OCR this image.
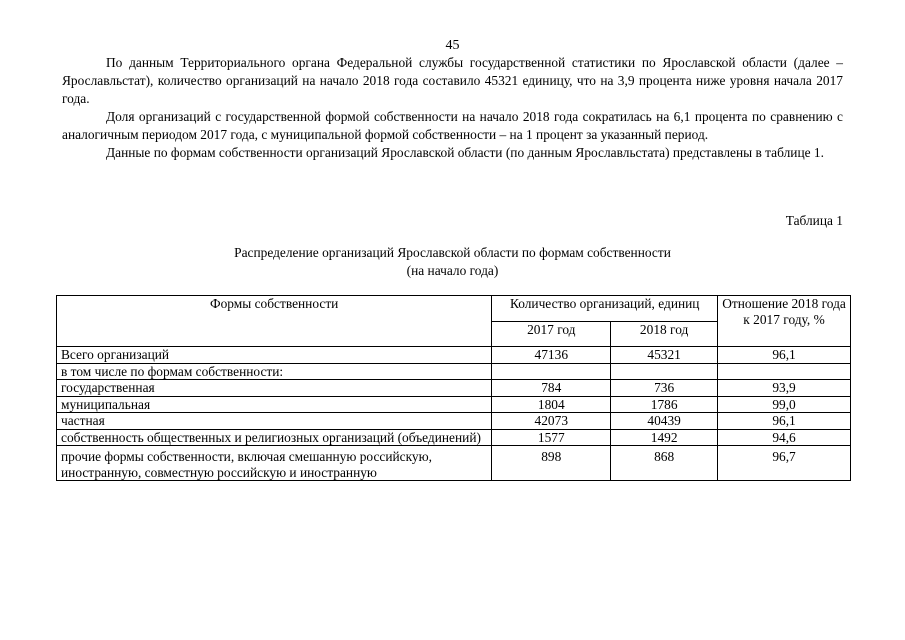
45

По данным Территориального органа Федеральной службы государственной статистики по Ярославской области (далее – Ярославльстат), количество организаций на начало 2018 года составило 45321 единицу, что на 3,9 процента ниже уровня начала 2017 года.

Доля организаций с государственной формой собственности на начало 2018 года сократилась на 6,1 процента по сравнению с аналогичным периодом 2017 года, с муниципальной формой собственности – на 1 процент за указанный период.

Данные по формам собственности организаций Ярославской области (по данным Ярославльстата) представлены в таблице 1.

Таблица 1
Распределение организаций Ярославской области по формам собственности
(на начало года)
Формы собственности	Количество организаций, единиц		Отношение 2018 года к 2017 году, %
	2017 год	2018 год	
Всего организаций	47136	45321	96,1
в том числе по формам собственности:			
государственная	784	736	93,9
муниципальная	1804	1786	99,0
частная	42073	40439	96,1
собственность общественных и религиозных организаций (объединений)	1577	1492	94,6
прочие формы собственности, включая смешанную российскую, иностранную, совместную российскую и иностранную	898	868	96,7
